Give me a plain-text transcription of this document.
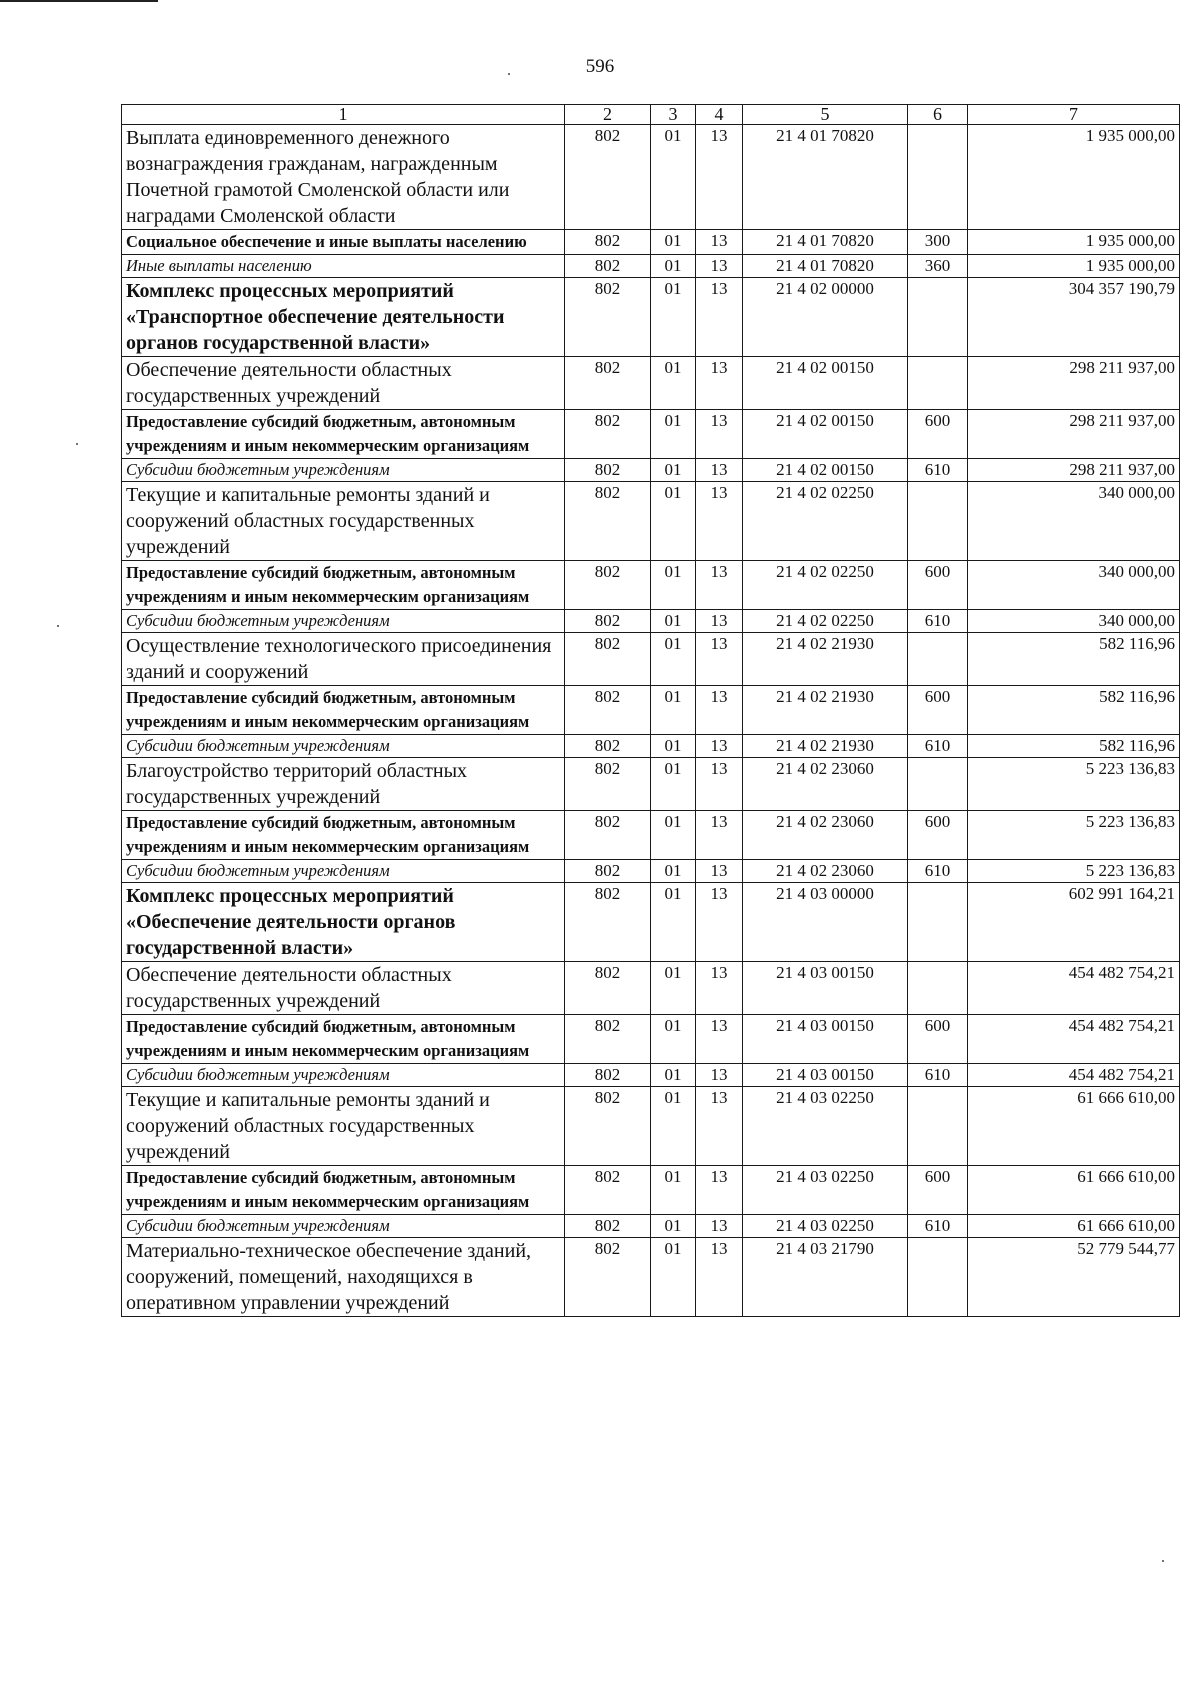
596
1	2	3	4	5	6	7
Выплата единовременного денежного вознаграждения гражданам, награжденным Почетной грамотой Смоленской области или наградами Смоленской области	802	01	13	21 4 01 70820		1 935 000,00
Социальное обеспечение и иные выплаты населению	802	01	13	21 4 01 70820	300	1 935 000,00
Иные выплаты населению	802	01	13	21 4 01 70820	360	1 935 000,00
Комплекс процессных мероприятий «Транспортное обеспечение деятельности органов государственной власти»	802	01	13	21 4 02 00000		304 357 190,79
Обеспечение деятельности областных государственных учреждений	802	01	13	21 4 02 00150		298 211 937,00
Предоставление субсидий бюджетным, автономным учреждениям и иным некоммерческим организациям	802	01	13	21 4 02 00150	600	298 211 937,00
Субсидии бюджетным учреждениям	802	01	13	21 4 02 00150	610	298 211 937,00
Текущие и капитальные ремонты зданий и сооружений областных государственных учреждений	802	01	13	21 4 02 02250		340 000,00
Предоставление субсидий бюджетным, автономным учреждениям и иным некоммерческим организациям	802	01	13	21 4 02 02250	600	340 000,00
Субсидии бюджетным учреждениям	802	01	13	21 4 02 02250	610	340 000,00
Осуществление технологического присоединения зданий и сооружений	802	01	13	21 4 02 21930		582 116,96
Предоставление субсидий бюджетным, автономным учреждениям и иным некоммерческим организациям	802	01	13	21 4 02 21930	600	582 116,96
Субсидии бюджетным учреждениям	802	01	13	21 4 02 21930	610	582 116,96
Благоустройство территорий областных государственных учреждений	802	01	13	21 4 02 23060		5 223 136,83
Предоставление субсидий бюджетным, автономным учреждениям и иным некоммерческим организациям	802	01	13	21 4 02 23060	600	5 223 136,83
Субсидии бюджетным учреждениям	802	01	13	21 4 02 23060	610	5 223 136,83
Комплекс процессных мероприятий «Обеспечение деятельности органов государственной власти»	802	01	13	21 4 03 00000		602 991 164,21
Обеспечение деятельности областных государственных учреждений	802	01	13	21 4 03 00150		454 482 754,21
Предоставление субсидий бюджетным, автономным учреждениям и иным некоммерческим организациям	802	01	13	21 4 03 00150	600	454 482 754,21
Субсидии бюджетным учреждениям	802	01	13	21 4 03 00150	610	454 482 754,21
Текущие и капитальные ремонты зданий и сооружений областных государственных учреждений	802	01	13	21 4 03 02250		61 666 610,00
Предоставление субсидий бюджетным, автономным учреждениям и иным некоммерческим организациям	802	01	13	21 4 03 02250	600	61 666 610,00
Субсидии бюджетным учреждениям	802	01	13	21 4 03 02250	610	61 666 610,00
Материально-техническое обеспечение зданий, сооружений, помещений, находящихся в оперативном управлении учреждений	802	01	13	21 4 03 21790		52 779 544,77
